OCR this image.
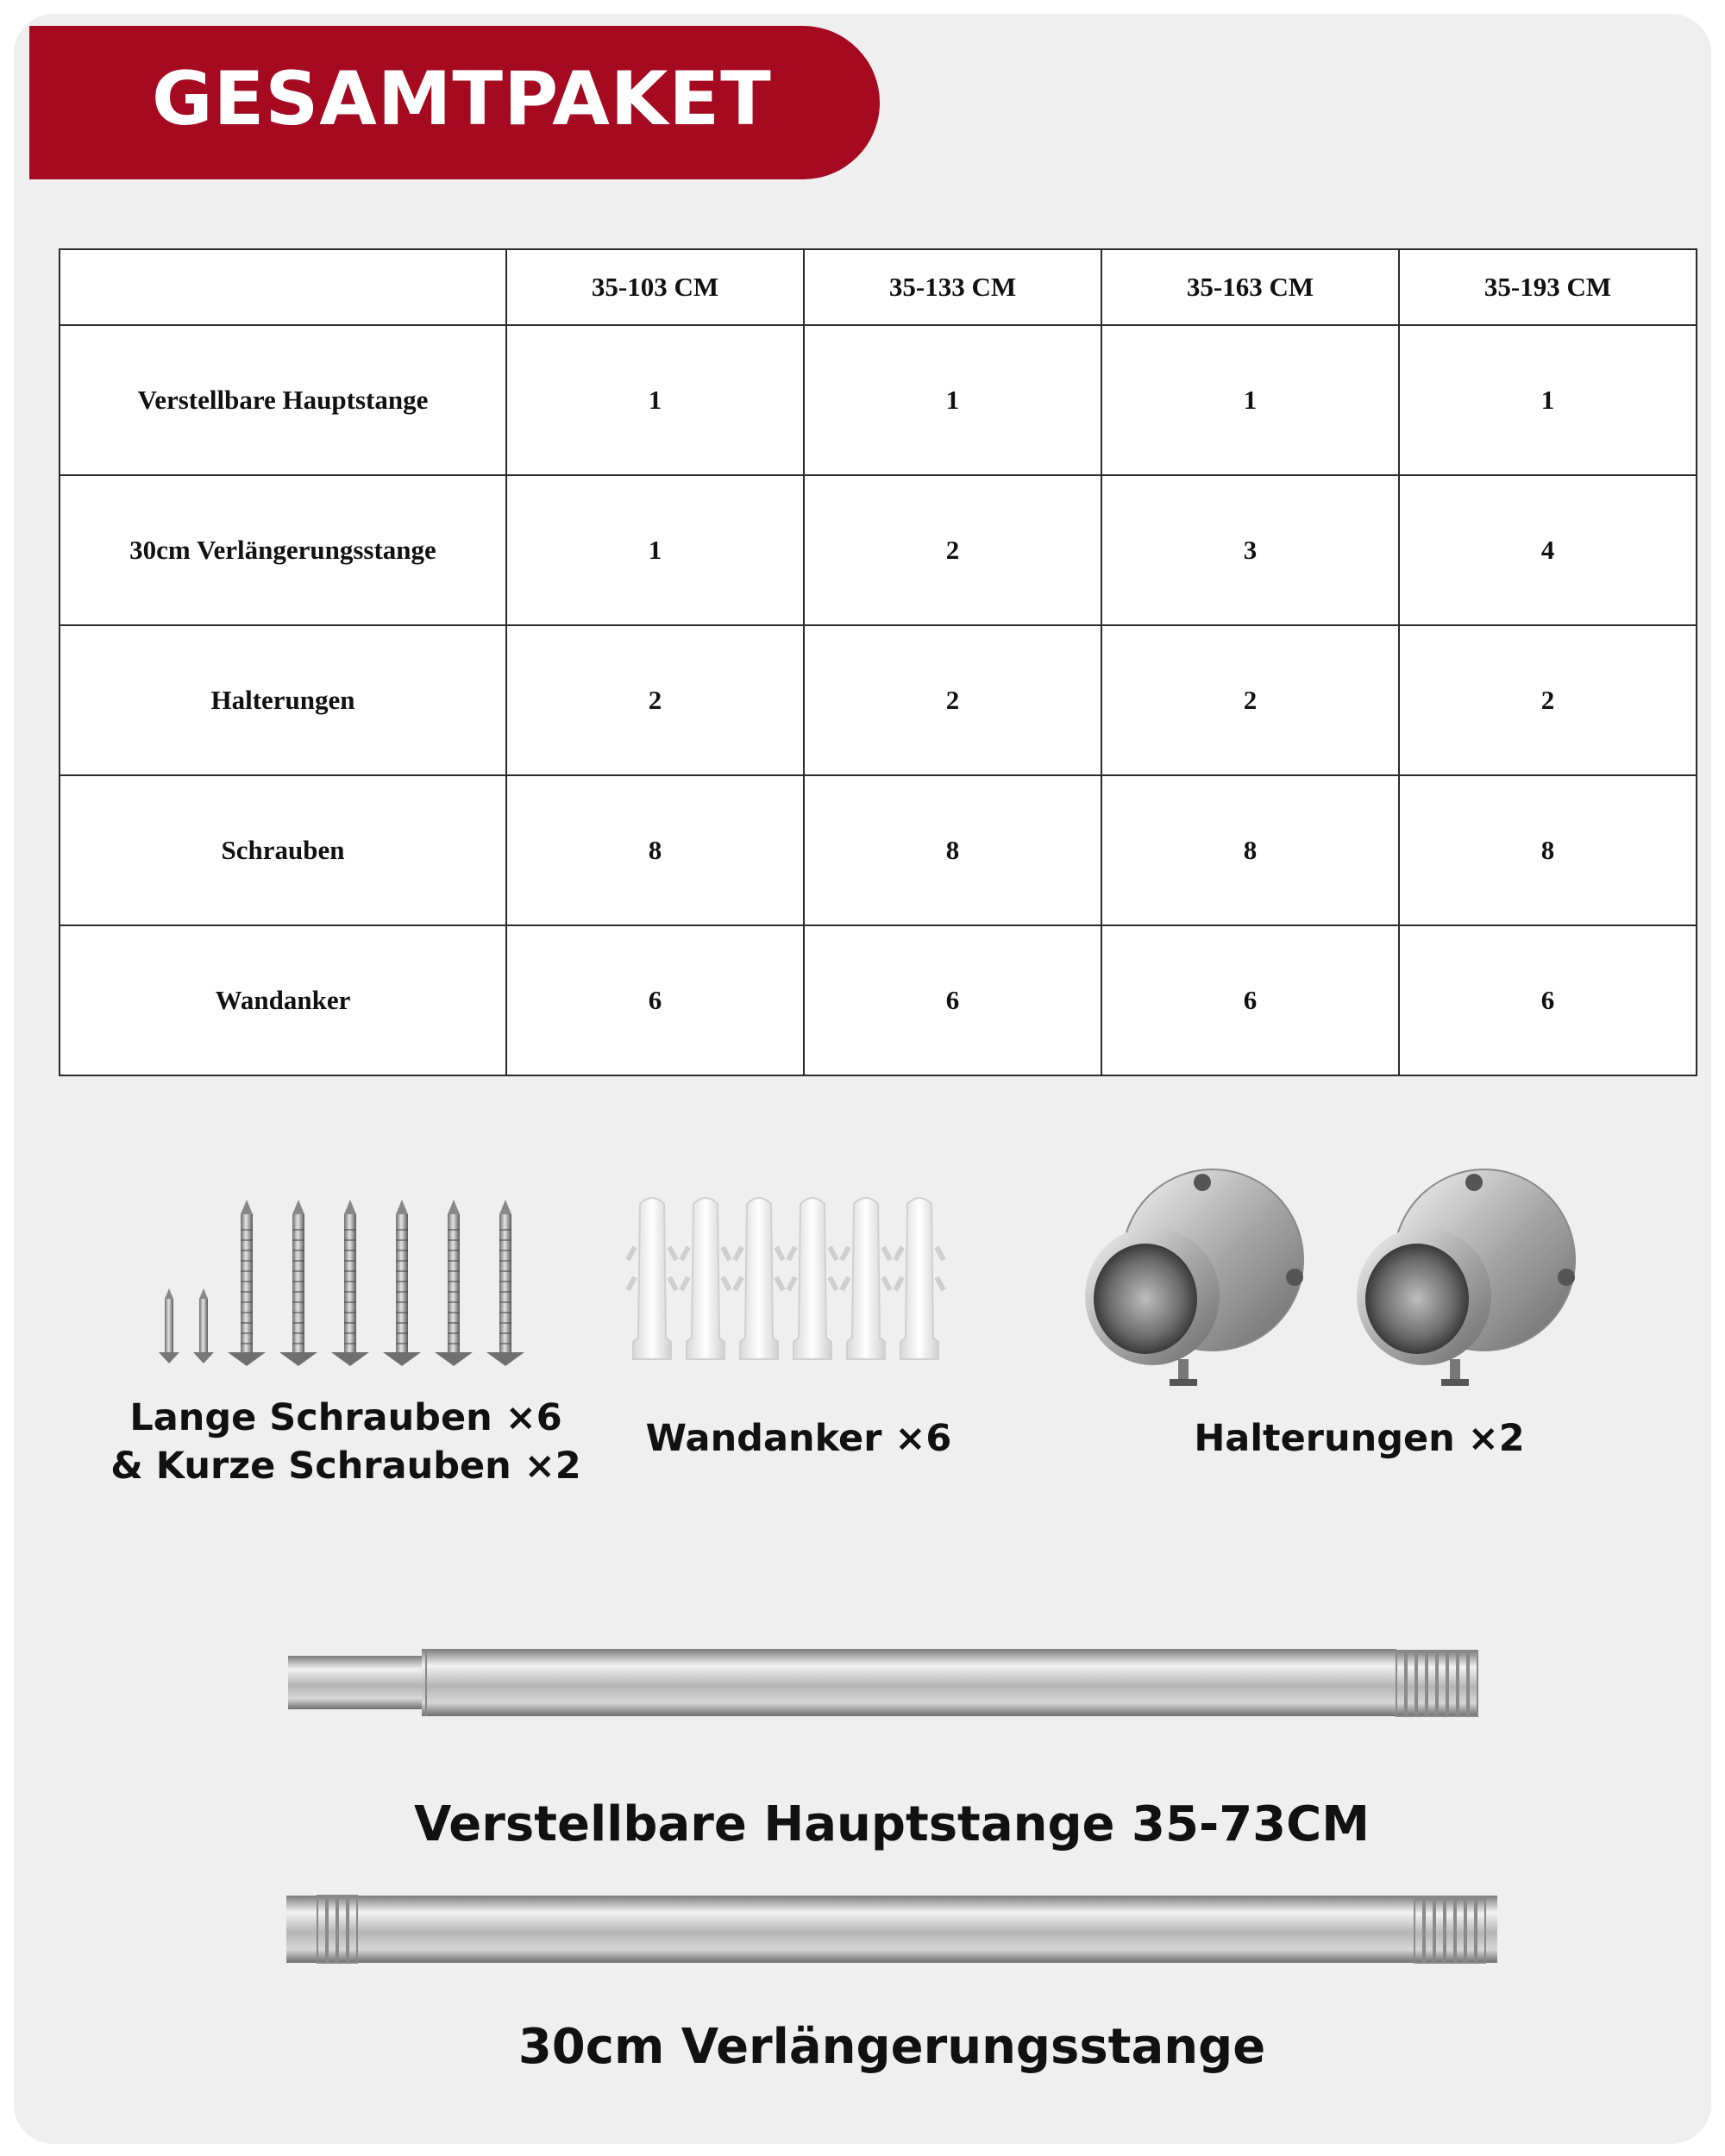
GESAMTPAKET
	35-103 CM	35-133 CM	35-163 CM	35-193 CM
Verstellbare Hauptstange	1	1	1	1
30cm Verlängerungsstange	1	2	3	4
Halterungen	2	2	2	2
Schrauben	8	8	8	8
Wandanker	6	6	6	6
Lange Schrauben ×6
& Kurze Schrauben ×2
Wandanker ×6	Halterungen ×2
Verstellbare Hauptstange 35-73CM
30cm Verlängerungsstange
